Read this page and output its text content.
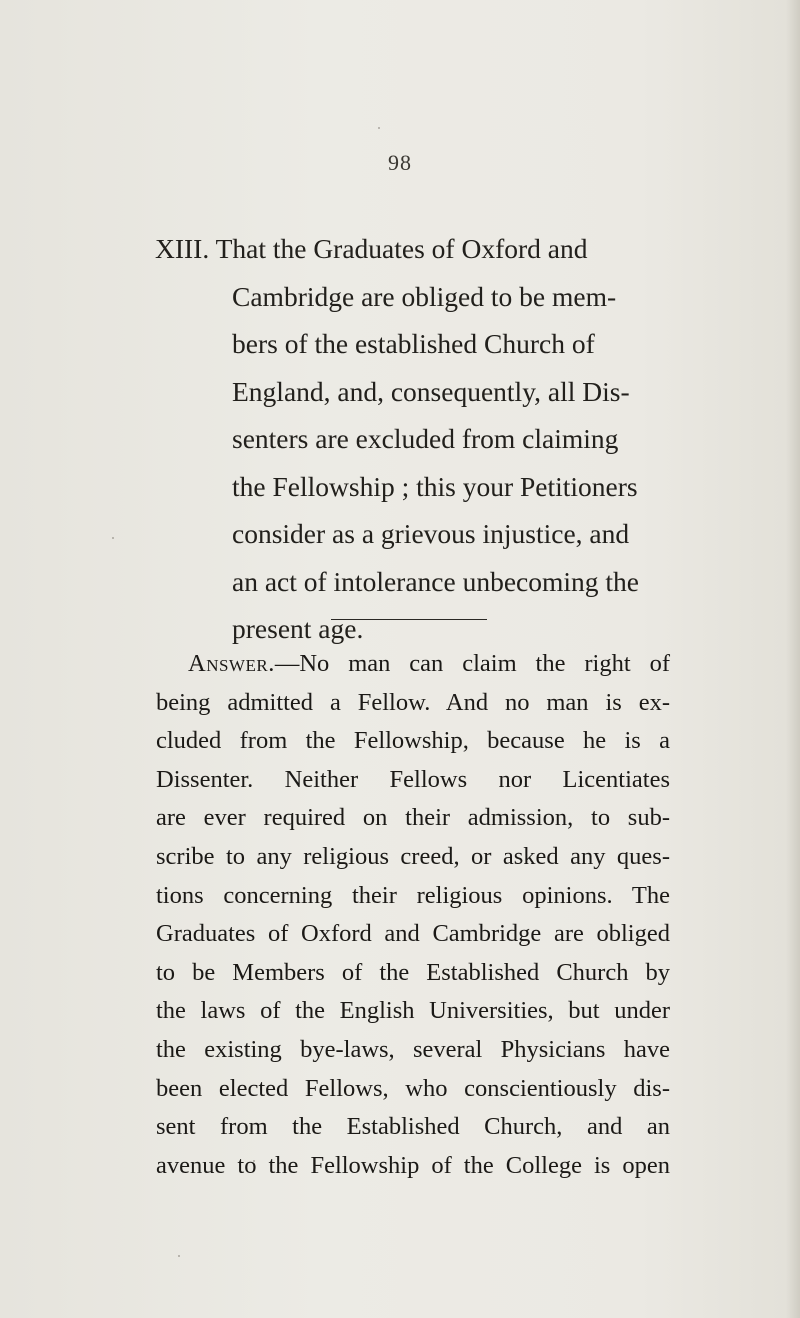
98
XIII. That the Graduates of Oxford and
Cambridge are obliged to be mem-
bers of the established Church of
England, and, consequently, all Dis-
senters are excluded from claiming
the Fellowship ; this your Petitioners
consider as a grievous injustice, and
an act of intolerance unbecoming the
present age.
Answer.—No man can claim the right of
being admitted a Fellow. And no man is ex-
cluded from the Fellowship, because he is a
Dissenter. Neither Fellows nor Licentiates
are ever required on their admission, to sub-
scribe to any religious creed, or asked any ques-
tions concerning their religious opinions. The
Graduates of Oxford and Cambridge are obliged
to be Members of the Established Church by
the laws of the English Universities, but under
the existing bye-laws, several Physicians have
been elected Fellows, who conscientiously dis-
sent from the Established Church, and an
avenue to the Fellowship of the College is open
